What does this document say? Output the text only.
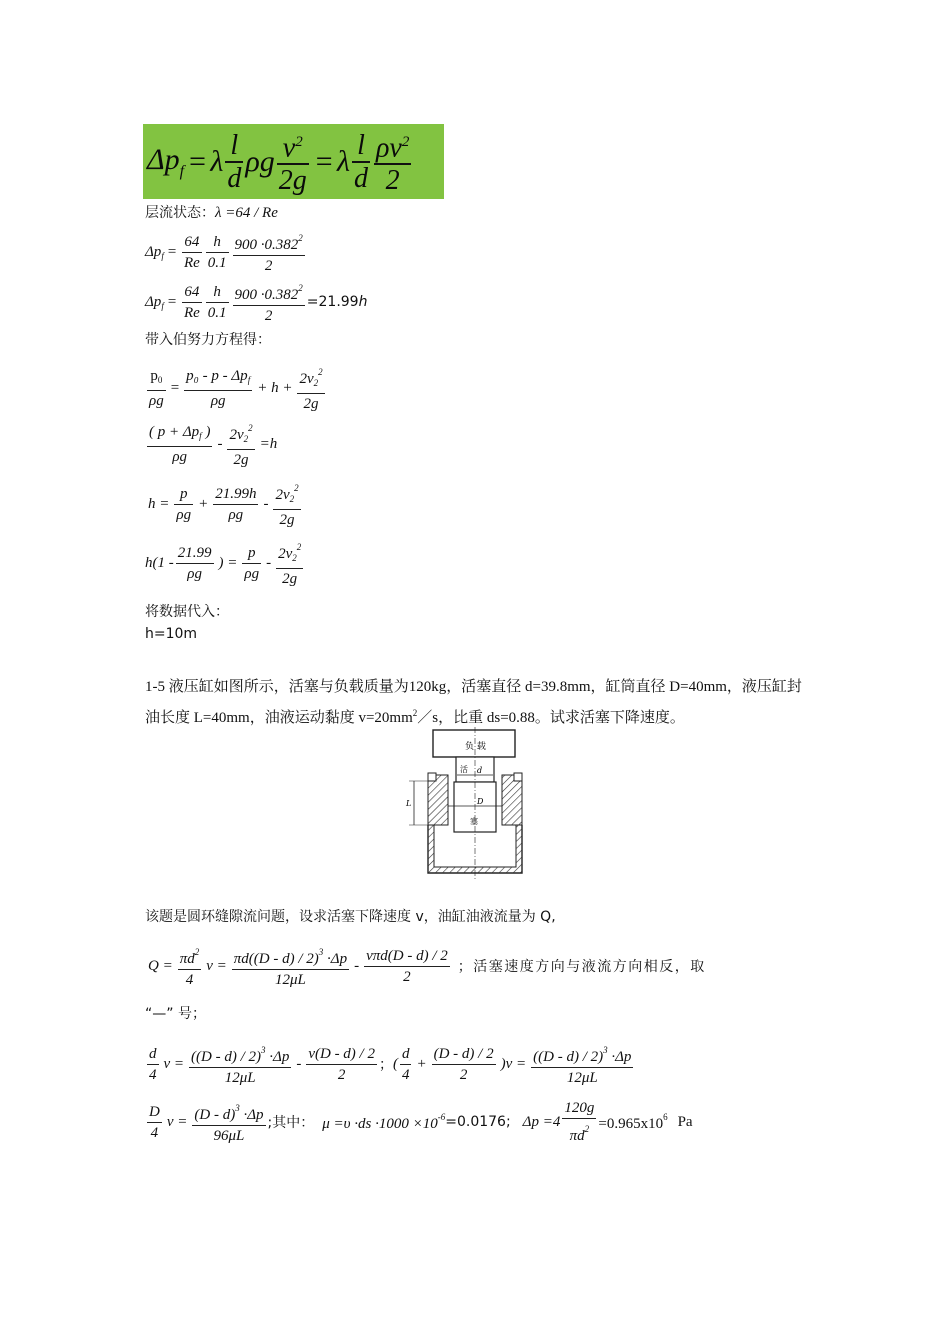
$\Delta p_f = \lambda \frac{l}{d}$ ρg $\frac{v^2}{2g} = \lambda \frac{l}{d} \frac{\rho v^2}{2}$
层流状态：λ =64 / Re
$\Delta p_f = \frac{64}{Re} \frac{h}{0.1} \frac{900 \cdot 0.382^2}{2}$
$\Delta p_f = \frac{64}{Re} \frac{h}{0.1} \frac{900 \cdot 0.382^2}{2} =21.99$ h
带入伯努力方程得：
$\frac{p_0}{\rho g} = \frac{p_0 - p - \Delta p_f}{\rho g} + h + \frac{2v_2^2}{2g}$
$\frac{( p + \Delta p_f )}{\rho g} - \frac{2v_2^2}{2g} =h$
$h = \frac{p}{\rho g} + \frac{21.99h}{\rho g} - \frac{2v_2^2}{2g}$
$h(1 - \frac{21.99}{\rho g}$ ) = $\frac{p}{\rho g} - \frac{2v_2^2}{2g}$
将数据代入：
h=10m
1-5 液压缸如图所示，活塞与负载质量为120kg，活塞直径 d=39.8mm，缸筒直径 D=40mm，液压缸封油长度 L=40mm，油液运动黏度 $v=20mm^2/s$，比重 ds=0.88。试求活塞下降速度。
负 载
活
塞
d
D
L
该题是圆环缝隙流问题，设求活塞下降速度 v，油缸油液流量为 Q,
$Q = \frac{\pi d^2}{4}$ $v = \frac{\pi d((D - d) / 2)^3 \cdot\Delta p}{12\mu L} - \frac{\text{vπd(D - d) / 2}}{2}$ ；活塞速度方向与液流方向相反，取
“—” 号；
$\frac{d}{4}$ $v = \frac{((D - d) / 2)^3 \cdot\Delta p}{12\mu L} - \frac{v(D - d) / 2}{2}$ ； ( $\frac{d}{4} + \frac{(D - d) / 2}{2} )v = \frac{((D - d) / 2)^3 \cdot\Delta p}{12\mu L}$
$\frac{D}{4}$ $v = \frac{(D - d)^3 \cdot\Delta p}{96\mu L}$ ;其中： $\mu =\upsilon \cdot ds \cdot 1000 \times 10^{-6} =0.0176$; $\Delta p =4 \frac{120g}{\pi d^2} =0.965x10^6$ Pa
